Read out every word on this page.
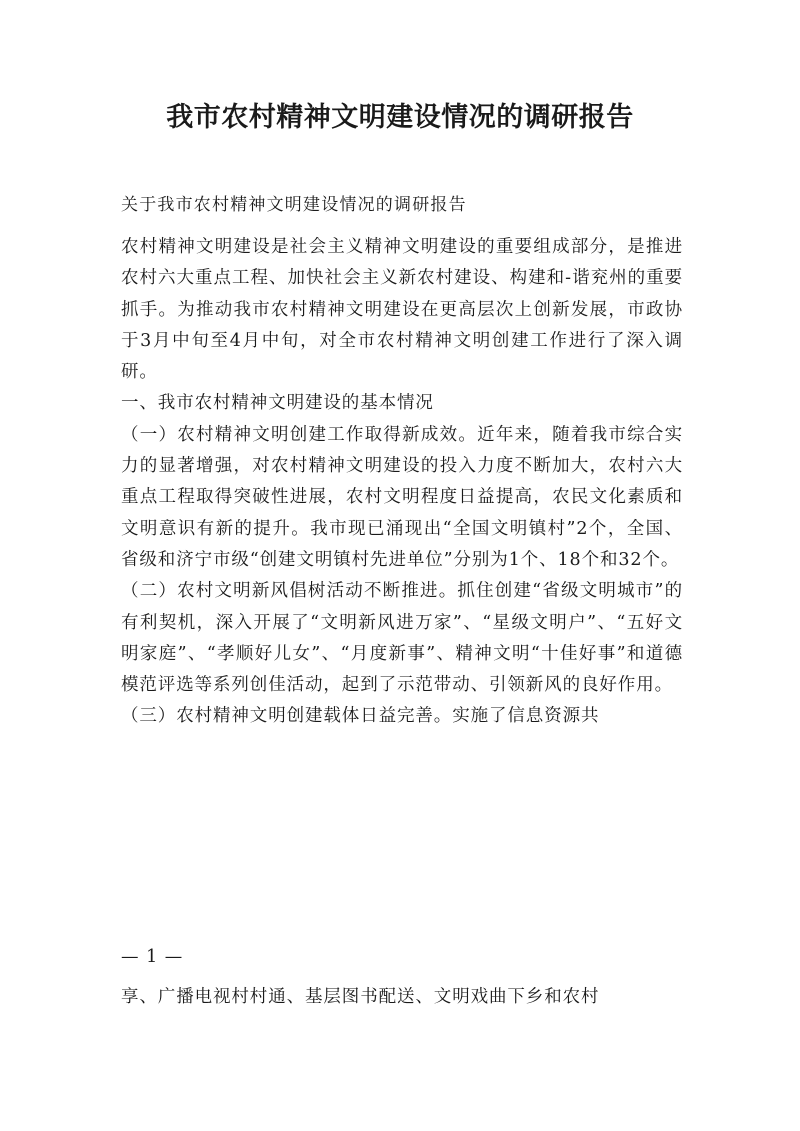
我市农村精神文明建设情况的调研报告
关于我市农村精神文明建设情况的调研报告

农村精神文明建设是社会主义精神文明建设的重要组成部分，是推进农村六大重点工程、加快社会主义新农村建设、构建和-谐兖州的重要抓手。为推动我市农村精神文明建设在更高层次上创新发展，市政协于3月中旬至4月中旬，对全市农村精神文明创建工作进行了深入调研。

一、我市农村精神文明建设的基本情况

（一）农村精神文明创建工作取得新成效。近年来，随着我市综合实力的显著增强，对农村精神文明建设的投入力度不断加大，农村六大重点工程取得突破性进展，农村文明程度日益提高，农民文化素质和文明意识有新的提升。我市现已涌现出“全国文明镇村”2个，全国、省级和济宁市级“创建文明镇村先进单位”分别为1个、18个和32个。

（二）农村文明新风倡树活动不断推进。抓住创建“省级文明城市”的有利契机，深入开展了“文明新风进万家”、“星级文明户”、“五好文明家庭”、“孝顺好儿女”、“月度新事”、精神文明“十佳好事”和道德模范评选等系列创佳活动，起到了示范带动、引领新风的良好作用。

（三）农村精神文明创建载体日益完善。实施了信息资源共

— 1 —
享、广播电视村村通、基层图书配送、文明戏曲下乡和农村
